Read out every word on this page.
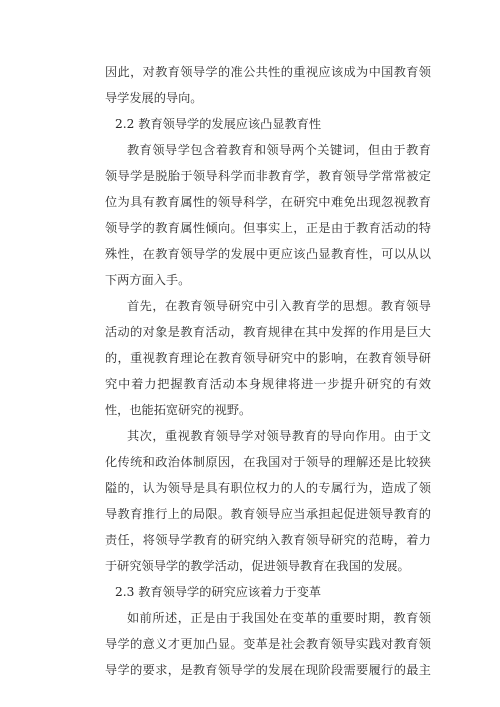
因此，对教育领导学的准公共性的重视应该成为中国教育领
导学发展的导向。
2.2 教育领导学的发展应该凸显教育性
教育领导学包含着教育和领导两个关键词，但由于教育
领导学是脱胎于领导科学而非教育学，教育领导学常常被定
位为具有教育属性的领导科学，在研究中难免出现忽视教育
领导学的教育属性倾向。但事实上，正是由于教育活动的特
殊性，在教育领导学的发展中更应该凸显教育性，可以从以
下两方面入手。
首先，在教育领导研究中引入教育学的思想。教育领导
活动的对象是教育活动，教育规律在其中发挥的作用是巨大
的，重视教育理论在教育领导研究中的影响，在教育领导研
究中着力把握教育活动本身规律将进一步提升研究的有效
性，也能拓宽研究的视野。
其次，重视教育领导学对领导教育的导向作用。由于文
化传统和政治体制原因，在我国对于领导的理解还是比较狭
隘的，认为领导是具有职位权力的人的专属行为，造成了领
导教育推行上的局限。教育领导应当承担起促进领导教育的
责任，将领导学教育的研究纳入教育领导研究的范畴，着力
于研究领导学的教学活动，促进领导教育在我国的发展。
2.3 教育领导学的研究应该着力于变革
如前所述，正是由于我国处在变革的重要时期，教育领
导学的意义才更加凸显。变革是社会教育领导实践对教育领
导学的要求，是教育领导学的发展在现阶段需要履行的最主
